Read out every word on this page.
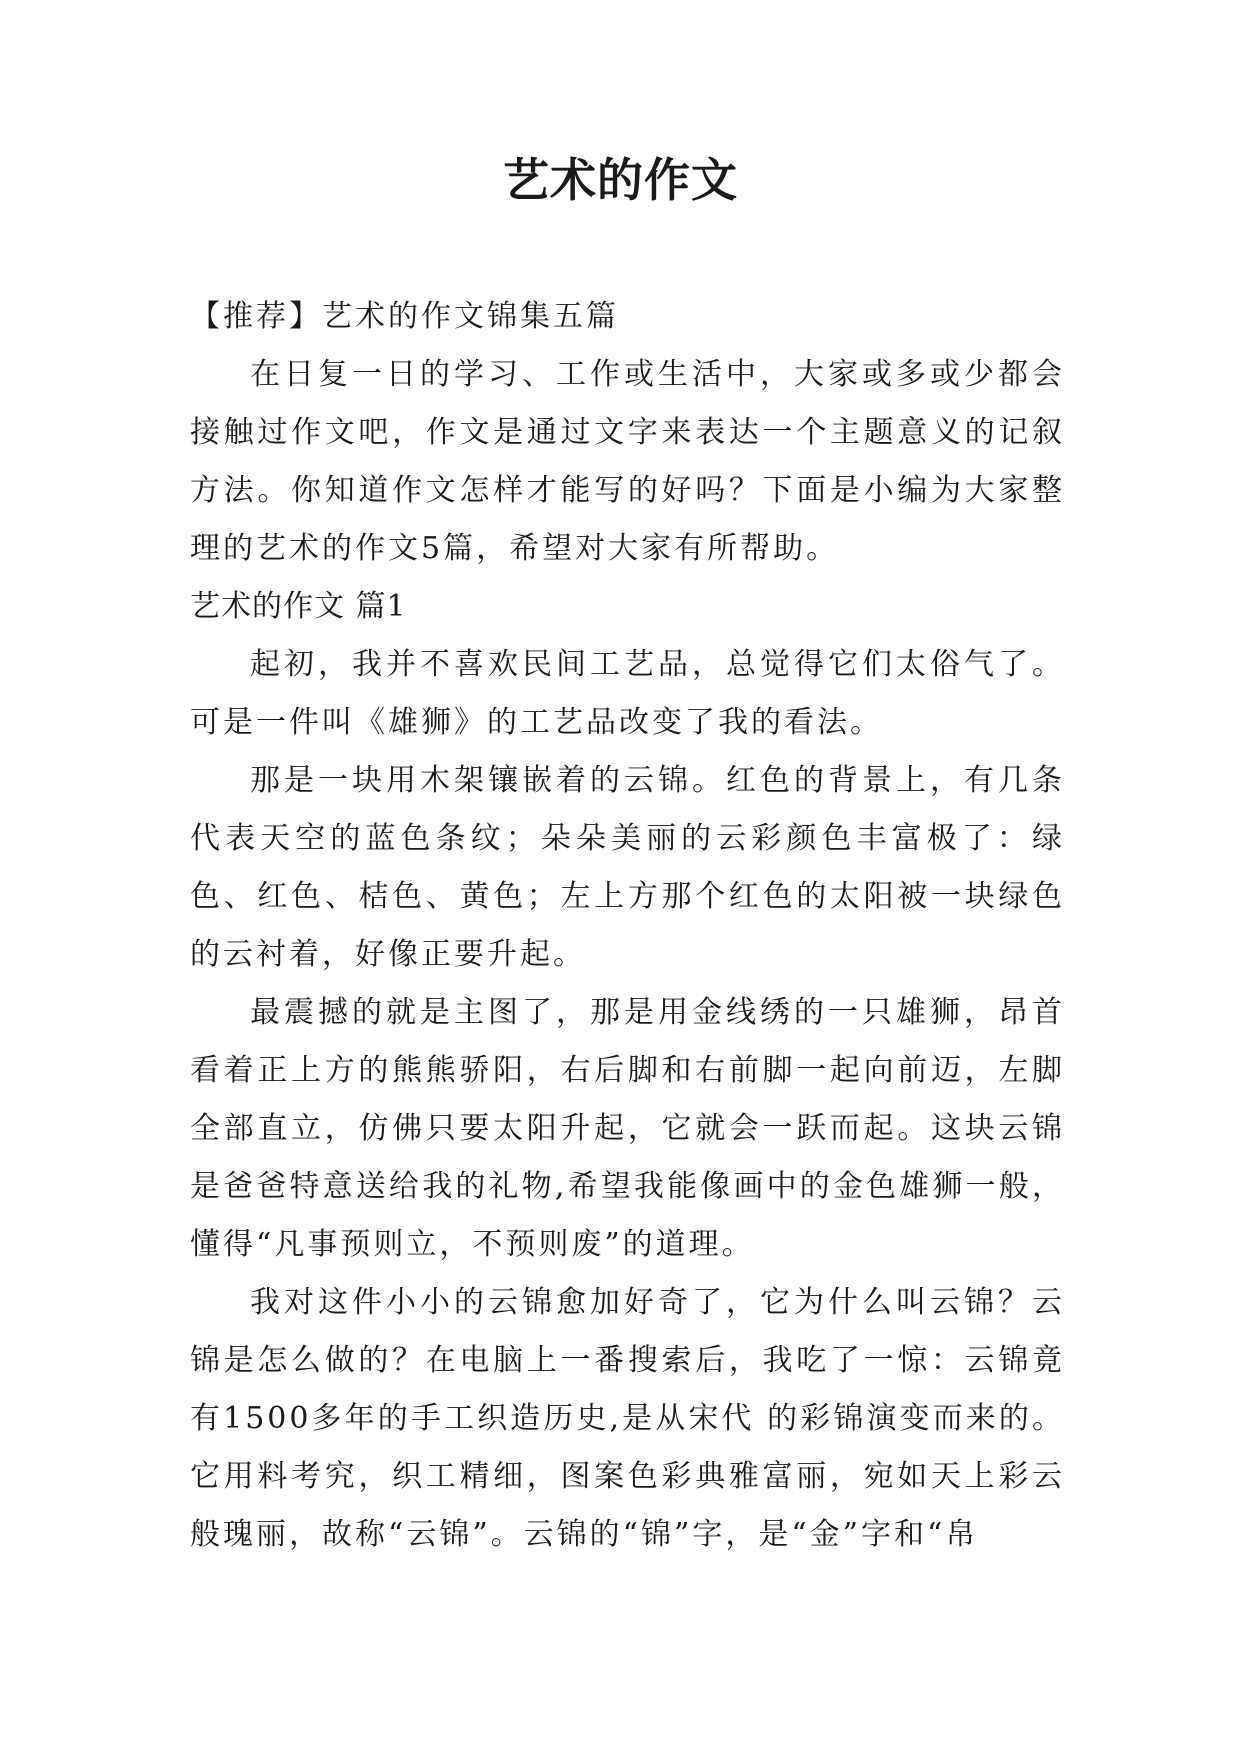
艺术的作文

【推荐】艺术的作文锦集五篇

在日复一日的学习、工作或生活中，大家或多或少都会接触过作文吧，作文是通过文字来表达一个主题意义的记叙方法。你知道作文怎样才能写的好吗？下面是小编为大家整理的艺术的作文5篇，希望对大家有所帮助。

艺术的作文 篇1

起初，我并不喜欢民间工艺品，总觉得它们太俗气了。可是一件叫《雄狮》的工艺品改变了我的看法。

那是一块用木架镶嵌着的云锦。红色的背景上，有几条代表天空的蓝色条纹；朵朵美丽的云彩颜色丰富极了：绿色、红色、桔色、黄色；左上方那个红色的太阳被一块绿色的云衬着，好像正要升起。

最震撼的就是主图了，那是用金线绣的一只雄狮，昂首看着正上方的熊熊骄阳，右后脚和右前脚一起向前迈，左脚全部直立，仿佛只要太阳升起，它就会一跃而起。这块云锦是爸爸特意送给我的礼物,希望我能像画中的金色雄狮一般，懂得“凡事预则立，不预则废”的道理。

我对这件小小的云锦愈加好奇了，它为什么叫云锦？云锦是怎么做的？在电脑上一番搜索后，我吃了一惊：云锦竟有1500多年的手工织造历史,是从宋代 的彩锦演变而来的。它用料考究，织工精细，图案色彩典雅富丽，宛如天上彩云般瑰丽，故称“云锦”。云锦的“锦”字，是“金”字和“帛
